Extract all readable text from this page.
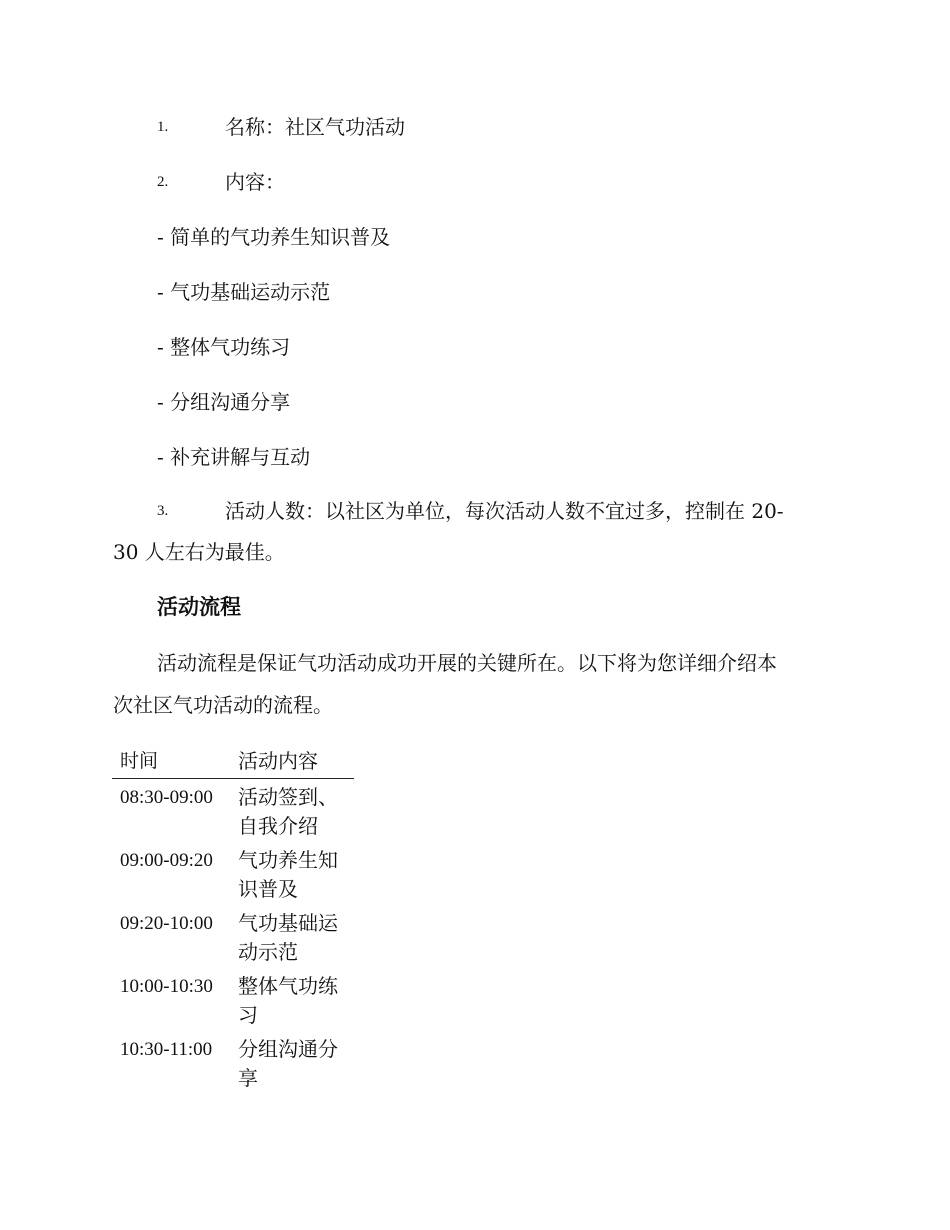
1.	名称：社区气功活动
2.	内容：
- 简单的气功养生知识普及
- 气功基础运动示范
- 整体气功练习
- 分组沟通分享
- 补充讲解与互动
3.	活动人数：以社区为单位，每次活动人数不宜过多，控制在 20-
30 人左右为最佳。
活动流程
活动流程是保证气功活动成功开展的关键所在。以下将为您详细介绍本
次社区气功活动的流程。
时间	活动内容
08:30-09:00	活动签到、自我介绍
09:00-09:20	气功养生知识普及
09:20-10:00	气功基础运动示范
10:00-10:30	整体气功练习
10:30-11:00	分组沟通分享
